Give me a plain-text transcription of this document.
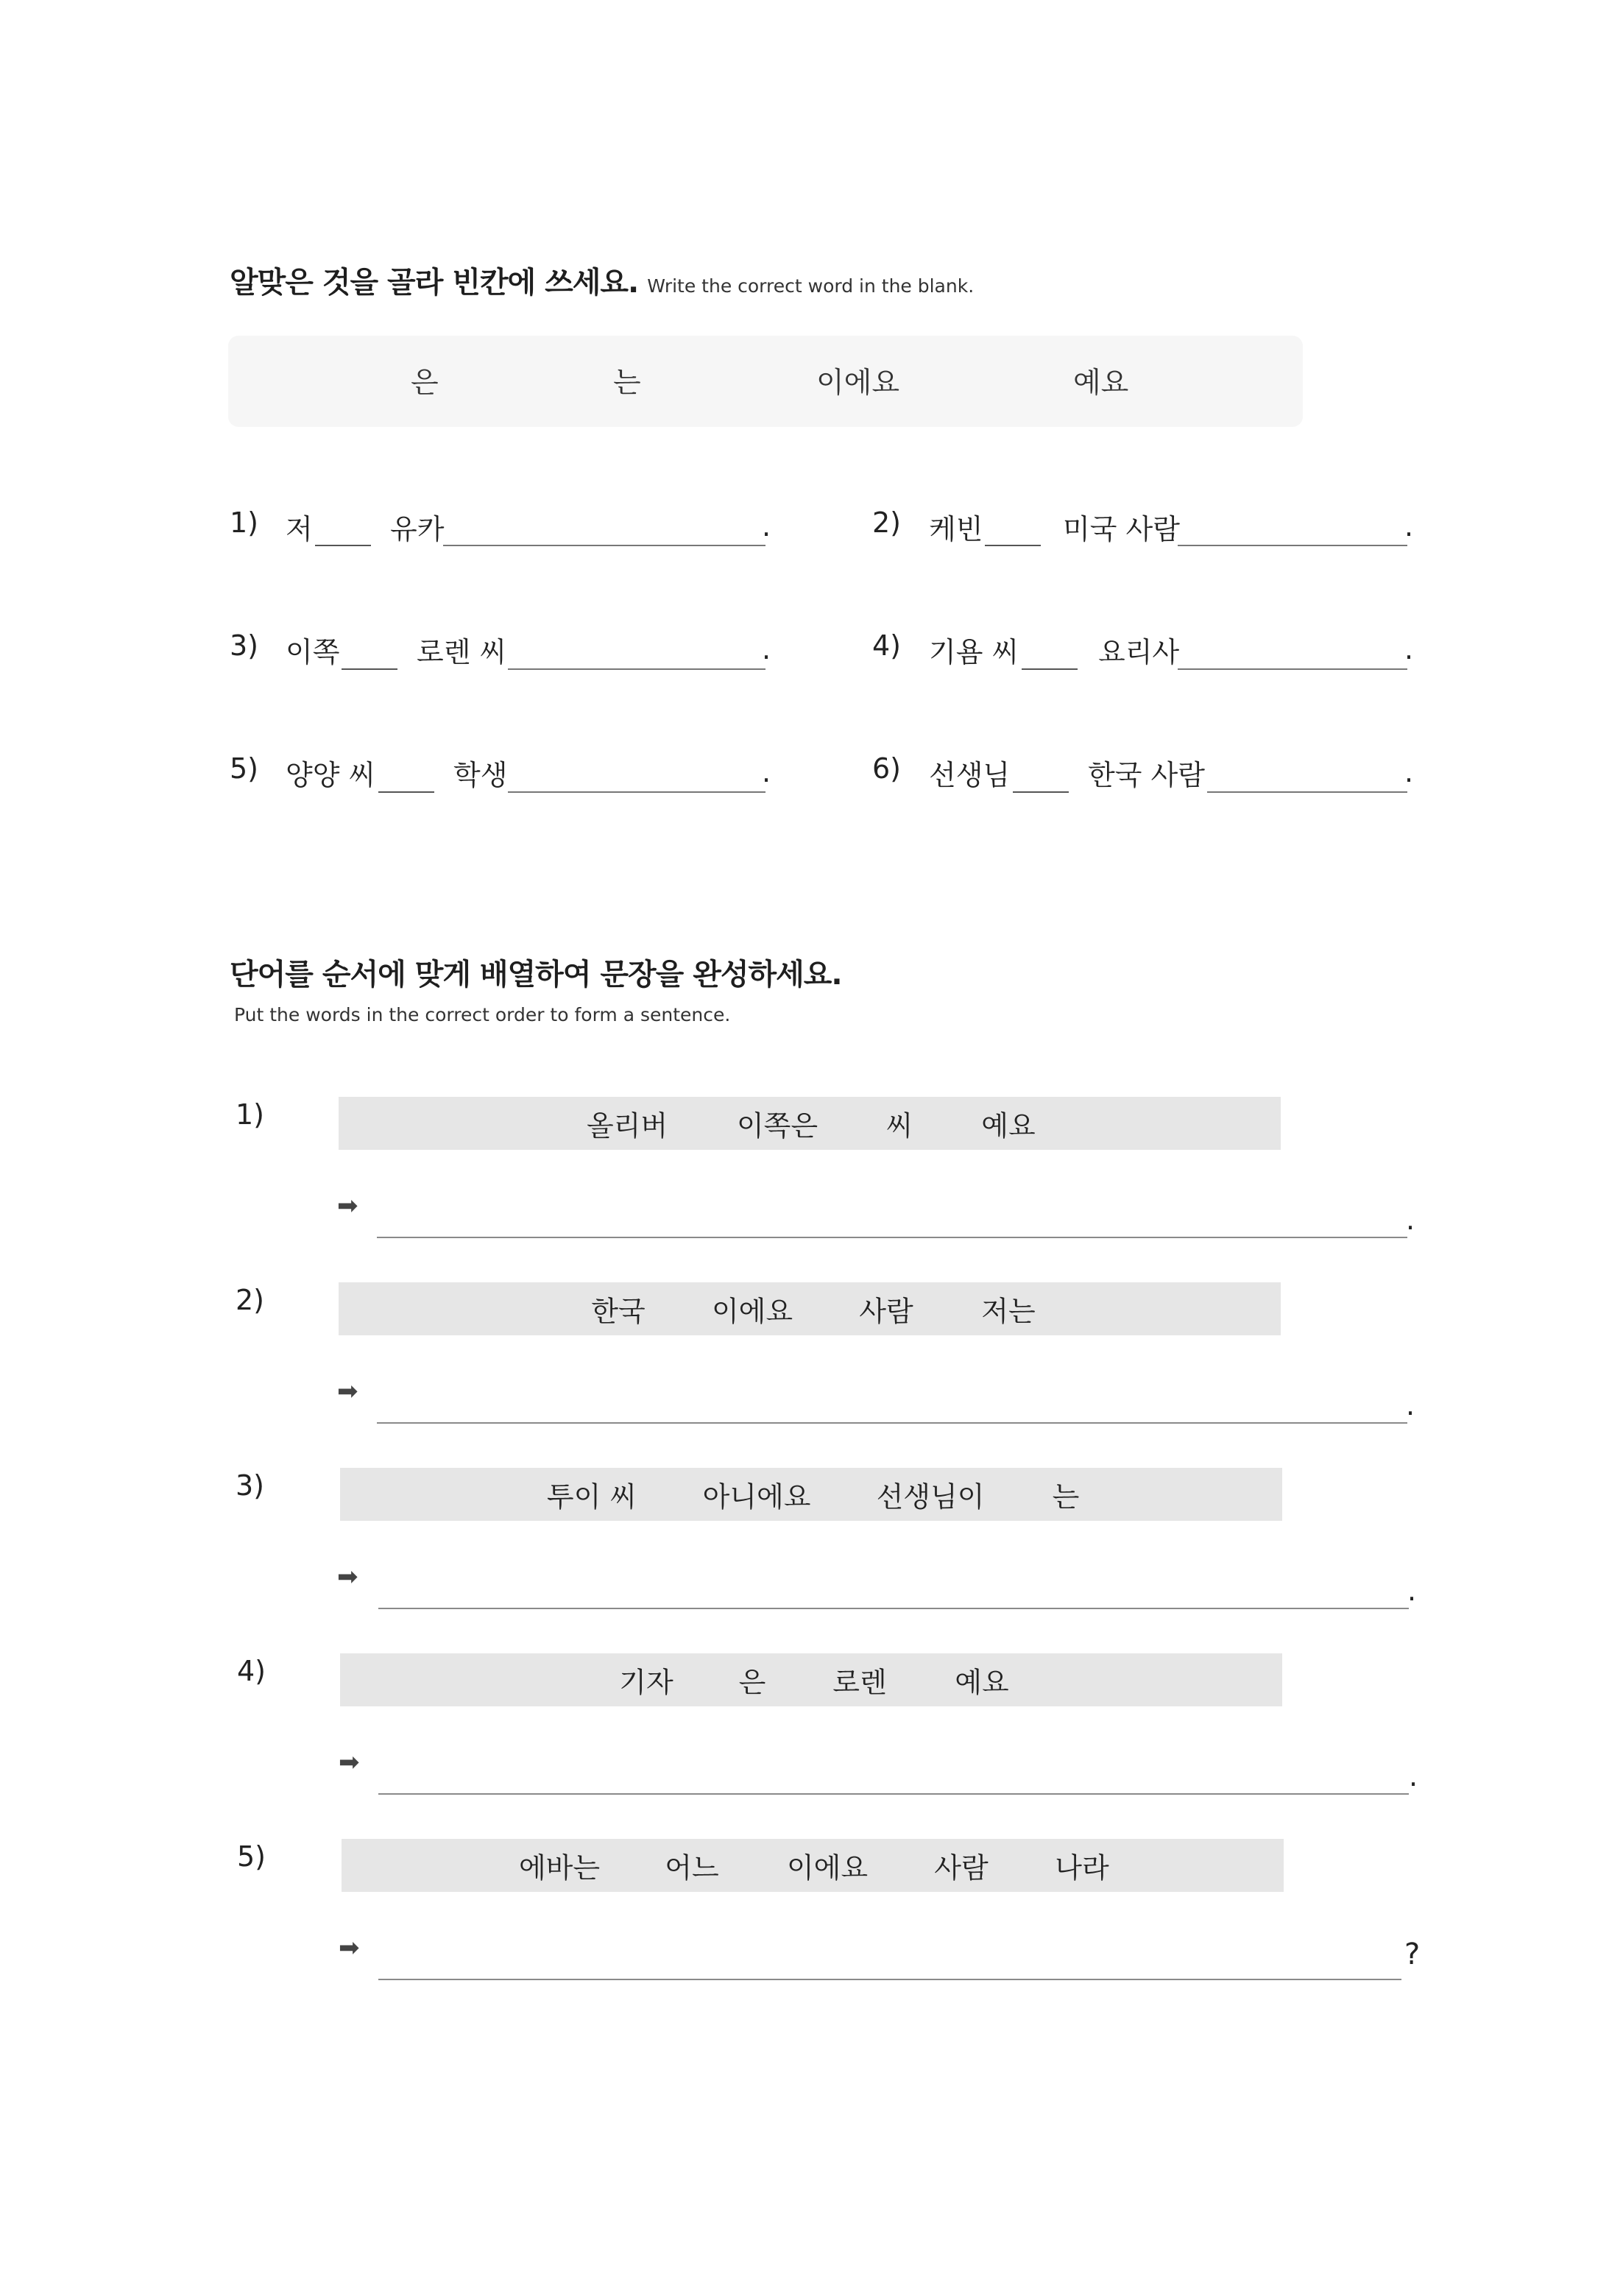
알맞은 것을 골라 빈칸에 쓰세요. Write the correct word in the blank.
은	는	이에요	예요
1) 저	유카	.
3) 이쪽	로렌 씨	.
5) 양양 씨	학생	.
2) 케빈	미국 사람	.
4) 기욤 씨	요리사	.
6) 선생님	한국 사람	.
단어를 순서에 맞게 배열하여 문장을 완성하세요.
Put the words in the correct order to form a sentence.
1)	올리버 이쪽은 씨 예요
➡	.
2)	한국 이에요 사람 저는
➡	.
3)	투이 씨 아니에요 선생님이 는
➡	.
4)	기자 은 로렌 예요
➡	.
5)	에바는 어느 이에요 사람 나라
➡	?
